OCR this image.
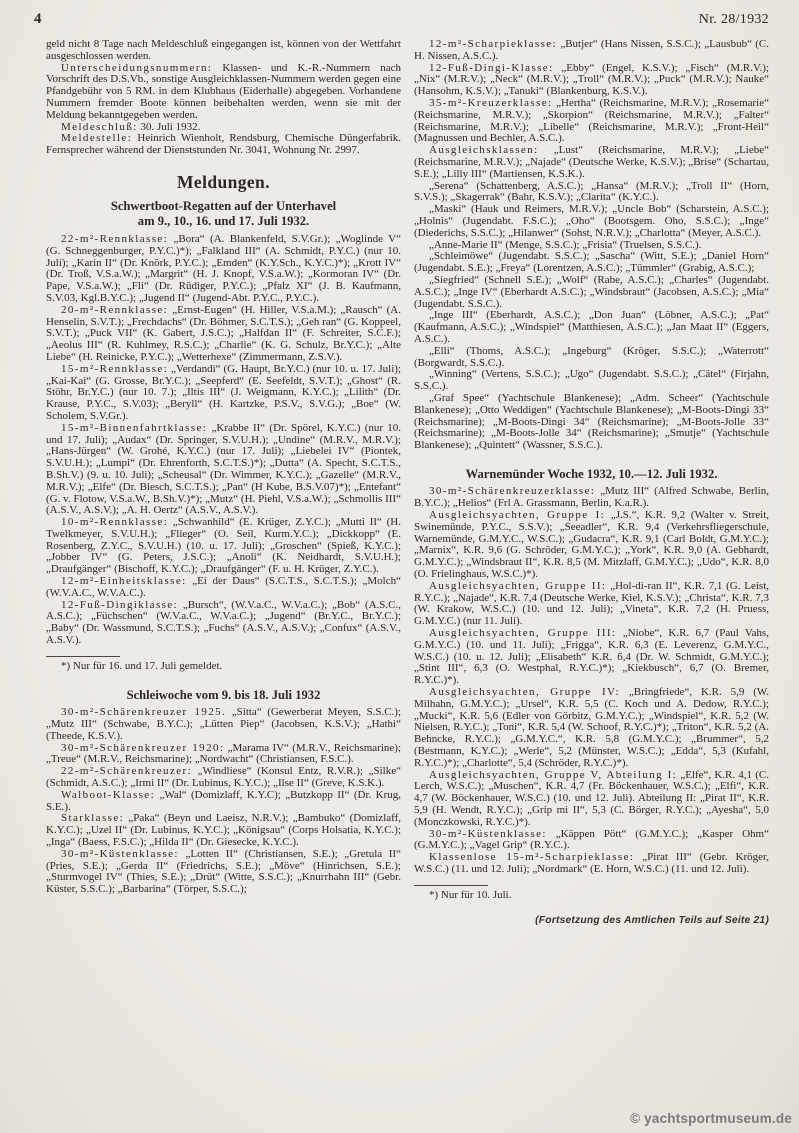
4	Nr. 28/1932

geld nicht 8 Tage nach Meldeschluß eingegangen ist, können von der Wettfahrt ausgeschlossen werden.

Unterscheidungsnummern: Klassen- und K.-R.-Nummern nach Vorschrift des D.S.Vb., sonstige Ausgleichklassen-Nummern werden gegen eine Pfandgebühr von 5 RM. in dem Klubhaus (Eiderhalle) abgegeben. Vorhandene Nummern fremder Boote können beibehalten werden, wenn sie mit der Meldung bekanntgegeben werden.

Meldeschluß: 30. Juli 1932.

Meldestelle: Heinrich Wienholt, Rendsburg, Chemische Düngerfabrik. Fernsprecher während der Dienststunden Nr. 3041, Wohnung Nr. 2997.

Meldungen.
Schwertboot-Regatten auf der Unterhavel
am 9., 10., 16. und 17. Juli 1932.

22-m²-Rennklasse: „Bora“ (A. Blankenfeld, S.V.Gr.); „Woglinde V“ (G. Schneggenburger, P.Y.C.)*); „Falkland III“ (A. Schmidt, P.Y.C.) (nur 10. Juli); „Karin II“ (Dr. Knörk, P.Y.C.); „Emden“ (K.Y.Sch., K.Y.C.)*); „Krott IV“ (Dr. Troß, V.S.a.W.); „Margrit“ (H. J. Knopf, V.S.a.W.); „Kormoran IV“ (Dr. Pape, V.S.a.W.); „Fli“ (Dr. Rüdiger, P.Y.C.); „Pfalz XI“ (J. B. Kaufmann, S.V.03, Kgl.B.Y.C.); „Jugend II“ (Jugend-Abt. P.Y.C., P.Y.C.).

20-m²-Rennklasse: „Ernst-Eugen“ (H. Hiller, V.S.a.M.); „Rausch“ (A. Henselin, S.V.T.); „Frechdachs“ (Dr. Böhmer, S.C.T.S.); „Geh ran“ (G. Koppeel, S.V.T.); „Puck VII“ (K. Gabert, J.S.C.); „Halfdan II“ (F. Schreiter, S.C.F.); „Aeolus III“ (R. Kuhlmey, R.S.C.); „Charlie“ (K. G. Schulz, Br.Y.C.); „Alte Liebe“ (H. Reinicke, P.Y.C.); „Wetterhexe“ (Zimmermann, Z.S.V.).

15-m²-Rennklasse: „Verdandi“ (G. Haupt, Br.Y.C.) (nur 10. u. 17. Juli); „Kai-Kai“ (G. Grosse, Br.Y.C.); „Seepferd“ (E. Seefeldt, S.V.T.); „Ghost“ (R. Stöhr, Br.Y.C.) (nur 10. 7.); „Iltis III“ (J. Weigmann, K.Y.C.); „Lilith“ (Dr. Krause, P.Y.C., S.V.03); „Beryll“ (H. Kartzke, P.S.V., S.V.G.); „Boe“ (W. Scholem, S.V.Gr.).

15-m²-Binnenfahrtklasse: „Krabbe II“ (Dr. Spörel, K.Y.C.) (nur 10. und 17. Juli); „Audax“ (Dr. Springer, S.V.U.H.); „Undine“ (M.R.V., M.R.V.); „Hans-Jürgen“ (W. Grohé, K.Y.C.) (nur 17. Juli); „Liebelei IV“ (Piontek, S.V.U.H.); „Lumpi“ (Dr. Ehrenforth, S.C.T.S.)*); „Dutta“ (A. Specht, S.C.T.S., B.Sh.V.) (9. u. 10. Juli); „Scheusal“ (Dr. Wimmer, K.Y.C.); „Gazelle“ (M.R.V., M.R.V.); „Elfe“ (Dr. Blesch, S.C.T.S.); „Pan“ (H Kube, B.S.V.07)*); „Entefant“ (G. v. Flotow, V.S.a.W., B.Sh.V.)*); „Mutz“ (H. Piehl, V.S.a.W.); „Schmollis III“ (A.S.V., A.S.V.); „A. H. Oertz“ (A.S.V., A.S.V.).

10-m²-Rennklasse: „Schwanhild“ (E. Krüger, Z.Y.C.); „Mutti II“ (H. Twelkmeyer, S.V.U.H.); „Flieger“ (O. Seil, Kurm.Y.C.); „Dickkopp“ (E. Rosenberg, Z.Y.C., S.V.U.H.) (10. u. 17. Juli); „Groschen“ (Spieß, K.Y.C.); „Jobber IV“ (G. Peters, J.S.C.); „Anoli“ (K. Neidhardt, S.V.U.H.); „Draufgänger“ (Bischoff, K.Y.C.); „Draufgänger“ (F. u. H. Krüger, Z.Y.C.).

12-m²-Einheitsklasse: „Ei der Daus“ (S.C.T.S., S.C.T.S.); „Molch“ (W.V.A.C., W.V.A.C.).

12-Fuß-Dingiklasse: „Bursch“, (W.V.a.C., W.V.a.C.); „Bob“ (A.S.C., A.S.C.); „Füchschen“ (W.V.a.C., W.V.a.C.); „Jugend“ (Br.Y.C., Br.Y.C.); „Baby“ (Dr. Wassmund, S.C.T.S.); „Fuchs“ (A.S.V., A.S.V.); „Confux“ (A.S.V., A.S.V.).

*) Nur für 16. und 17. Juli gemeldet.

Schleiwoche vom 9. bis 18. Juli 1932

30-m²-Schärenkreuzer 1925. „Sitta“ (Gewerberat Meyen, S.S.C.); „Mutz III“ (Schwabe, B.Y.C.); „Lütten Piep“ (Jacobsen, K.S.V.); „Hathi“ (Theede, K.S.V.).

30-m²-Schärenkreuzer 1920: „Marama IV“ (M.R.V., Reichsmarine); „Treue“ (M.R.V., Reichsmarine); „Nordwacht“ (Christiansen, F.S.C.).

22-m²-Schärenkreuzer: „Windliese“ (Konsul Entz, R.V.R.); „Silke“ (Schmidt, A.S.C.); „Irmi II“ (Dr. Lubinus, K.Y.C.); „Ilse II“ (Greve, K.S.K.).

Walboot-Klasse: „Wal“ (Domizlaff, K.Y.C); „Butzkopp II“ (Dr. Krug, S.E.).

Starklasse: „Paka“ (Beyn und Laeisz, N.R.V.); „Bambuko“ (Domizlaff, K.Y.C.); „Uzel II“ (Dr. Lubinus, K.Y.C.); „Königsau“ (Corps Holsatia, K.Y.C.); „Inga“ (Baess, F.S.C.); „Hilda II“ (Dr. Giesecke, K.Y.C.).

30-m²-Küstenklasse: „Lotten II“ (Christiansen, S.E.); „Gretula II“ (Pries, S.E.); „Gerda II“ (Friedrichs, S.E.); „Möve“ (Hinrichsen, S.E.); „Sturmvogel IV“ (Thies, S.E.); „Drüt“ (Witte, S.S.C.); „Knurrhahn III“ (Gebr. Küster, S.S.C.); „Barbarina“ (Törper, S.S.C.);

12-m²-Scharpieklasse: „Butjer“ (Hans Nissen, S.S.C.); „Lausbub“ (C. H. Nissen, A.S.C.).

12-Fuß-Dingi-Klasse: „Ebby“ (Engel, K.S.V.); „Fisch“ (M.R.V.); „Nix“ (M.R.V.); „Neck“ (M.R.V.); „Troll“ (M.R.V.); „Puck“ (M.R.V.); Nauke“ (Hansohm, K.S.V.); „Tanuki“ (Blankenburg, K.S.V.).

35-m²-Kreuzerklasse: „Hertha“ (Reichsmarine, M.R.V.); „Rosemarie“ (Reichsmarine, M.R.V.); „Skorpion“ (Reichsmarine, M.R.V.); „Falter“ (Reichsmarine, M.R.V.); „Libelle“ (Reichsmarine, M.R.V.); „Front-Heil“ (Magnussen und Bechler, A.S.C.).

Ausgleichsklassen: „Lust“ (Reichsmarine, M.R.V.); „Liebe“ (Reichsmarine, M.R.V.); „Najade“ (Deutsche Werke, K.S.V.); „Brise“ (Schartau, S.E.); „Lilly III“ (Martiensen, K.S.K.).

„Serena“ (Schattenberg, A.S.C.); „Hansa“ (M.R.V.); „Troll II“ (Horn, S.V.S.); „Skagerrak“ (Bahr, K.S.V.); „Clarita“ (K.Y.C.).

„Maski“ (Hauk und Reimers, M.R.V.); „Uncle Bob“ (Scharstein, A.S.C.); „Holnis“ (Jugendabt. F.S.C.); „Oho“ (Bootsgem. Oho, S.S.C.); „Inge“ (Diederichs, S.S.C.); „Hilanwer“ (Sohst, N.R.V.); „Charlotta“ (Meyer, A.S.C.).

„Anne-Marie II“ (Menge, S.S.C.); „Frisia“ (Truelsen, S.S.C.).

„Schleimöwe“ (Jugendabt. S.S.C.); „Sascha“ (Witt, S.E.); „Daniel Horn“ (Jugendabt. S.E.); „Freya“ (Lorentzen, A.S.C.); „Tümmler“ (Grabig, A.S.C.);

„Siegfried“ (Schnell S.E.); „Wolf“ (Rabe, A.S.C.); „Charles“ (Jugendabt. A.S.C.); „Inge IV“ (Eberhardt A.S.C.); „Windsbraut“ (Jacobsen, A.S.C.); „Mia“ (Jugendabt. S.S.C.).

„Inge III“ (Eberhardt, A.S.C.); „Don Juan“ (Löbner, A.S.C.); „Pat“ (Kaufmann, A.S.C.); „Windspiel“ (Matthiesen, A.S.C.); „Jan Maat II“ (Eggers, A.S.C.).

„Elli“ (Thoms, A.S.C.); „Ingeburg“ (Kröger, S.S.C.); „Waterrott“ (Borgwardt, S.S.C.).

„Winning“ (Vertens, S.S.C.); „Ugo“ (Jugendabt. S.S.C.); „Cätel“ (Firjahn, S.S.C.).

„Graf Spee“ (Yachtschule Blankenese); „Adm. Scheer“ (Yachtschule Blankenese); „Otto Weddigen“ (Yachtschule Blankenese); „M-Boots-Dingi 33“ (Reichsmarine); „M-Boots-Dingi 34“ (Reichsmarine); „M-Boots-Jolle 33“ (Reichsmarine); „M-Boots-Jolle 34“ (Reichsmarine); „Smutje“ (Yachtschule Blankenese); „Quintett“ (Wassner, S.S.C.).

Warnemünder Woche 1932, 10.—12. Juli 1932.

30-m²-Schärenkreuzerklasse: „Mutz III“ (Alfred Schwabe, Berlin, B.Y.C.); „Helios“ (Frl A. Grassmann, Berlin, K.a.R.).

Ausgleichsyachten, Gruppe I: „J.S.“, K.R. 9,2 (Walter v. Streit, Swinemünde, P.Y.C., S.S.V.); „Seeadler“, K.R. 9,4 (Verkehrsfliegerschule, Warnemünde, G.M.Y.C., W.S.C.); „Gudacra“, K.R. 9,1 (Carl Boldt, G.M.Y.C.); „Marnix“, K.R. 9,6 (G. Schröder, G.M.Y.C.); „York“, K.R. 9,0 (A. Gebhardt, G.M.Y.C.); „Windsbraut II“, K.R. 8,5 (M. Mitzlaff, G.M.Y.C.); „Udo“, K.R. 8,0 (O. Frielinghaus, W.S.C.)*).

Ausgleichsyachten, Gruppe II: „Hol-di-ran II“, K.R. 7,1 (G. Leist, R.Y.C.); „Najade“, K.R. 7,4 (Deutsche Werke, Kiel, K.S.V.); „Christa“, K.R. 7,3 (W. Krakow, W.S.C.) (10. und 12. Juli); „Vineta“, K.R. 7,2 (H. Pruess, G.M.Y.C.) (nur 11. Juli).

Ausgleichsyachten, Gruppe III: „Niobe“, K.R. 6,7 (Paul Vahs, G.M.Y.C.) (10. und 11. Juli); „Frigga“, K.R. 6,3 (E. Leverenz, G.M.Y.C., W.S.C.) (10. u. 12. Juli); „Elisabeth“ K.R. 6,4 (Dr. W. Schmidt, G.M.Y.C.); „Stint III“, 6,3 (O. Westphal, R.Y.C.)*); „Kiekbusch“, 6,7 (O. Bremer, R.Y.C.)*).

Ausgleichsyachten, Gruppe IV: „Bringfriede“, K.R. 5,9 (W. Milhahn, G.M.Y.C.); „Ursel“, K.R. 5,5 (C. Koch und A. Dedow, R.Y.C.); „Mucki“, K.R. 5,6 (Edler von Görbitz, G.M.Y.C.); „Windspiel“, K.R. 5,2 (W. Nielsen, R.Y.C.); „Toni“, K.R. 5,4 (W. Schoof, R.Y.C.)*); „Triton“, K.R. 5,2 (A. Behncke, R.Y.C.); „G.M.Y.C.“, K.R. 5,8 (G.M.Y.C.); „Brummer“, 5,2 (Bestmann, K.Y.C.); „Werle“, 5,2 (Münster, W.S.C.); „Edda“, 5,3 (Kufahl, R.Y.C.)*); „Charlotte“, 5,4 (Schröder, R.Y.C.)*).

Ausgleichsyachten, Gruppe V, Abteilung I: „Elfe“, K.R. 4,1 (C. Lerch, W.S.C.); „Muschen“, K.R. 4,7 (Fr. Böckenhauer, W.S.C.); „Elfi“, K.R. 4,7 (W. Böckenhauer, W.S.C.) (10. und 12. Juli). Abteilung II: „Pirat II“, K.R. 5,9 (H. Wendt, R.Y.C.); „Grip mi II“, 5,3 (C. Börger, R.Y.C.); „Ayesha“, 5,0 (Monczkowski, R.Y.C.)*).

30-m²-Küstenklasse: „Käppen Pött“ (G.M.Y.C.); „Kasper Ohm“ (G.M.Y.C.); „Vagel Grip“ (R.Y.C.).

Klassenlose 15-m²-Scharpieklasse: „Pirat III“ (Gebr. Kröger, W.S.C.) (11. und 12. Juli); „Nordmark“ (E. Horn, W.S.C.) (11. und 12. Juli).

*) Nur für 10. Juli.

(Fortsetzung des Amtlichen Teils auf Seite 21)
© yachtsportmuseum.de
